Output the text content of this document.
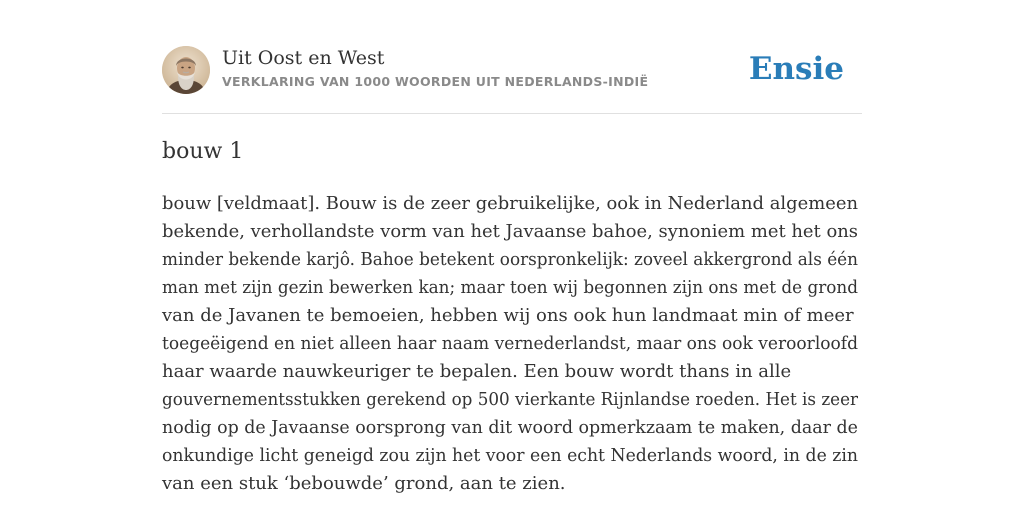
Uit Oost en West
VERKLARING VAN 1000 WOORDEN UIT NEDERLANDS-INDIË	Ensie
bouw 1
bouw [veldmaat]. Bouw is de zeer gebruikelijke, ook in Nederland algemeen
bekende, verhollandste vorm van het Javaanse bahoe, synoniem met het ons
minder bekende karjô. Bahoe betekent oorspronkelijk: zoveel akkergrond als één
man met zijn gezin bewerken kan; maar toen wij begonnen zijn ons met de grond
van de Javanen te bemoeien, hebben wij ons ook hun landmaat min of meer
toegeëigend en niet alleen haar naam vernederlandst, maar ons ook veroorloofd
haar waarde nauwkeuriger te bepalen. Een bouw wordt thans in alle
gouvernementsstukken gerekend op 500 vierkante Rijnlandse roeden. Het is zeer
nodig op de Javaanse oorsprong van dit woord opmerkzaam te maken, daar de
onkundige licht geneigd zou zijn het voor een echt Nederlands woord, in de zin
van een stuk ‘bebouwde’ grond, aan te zien.
